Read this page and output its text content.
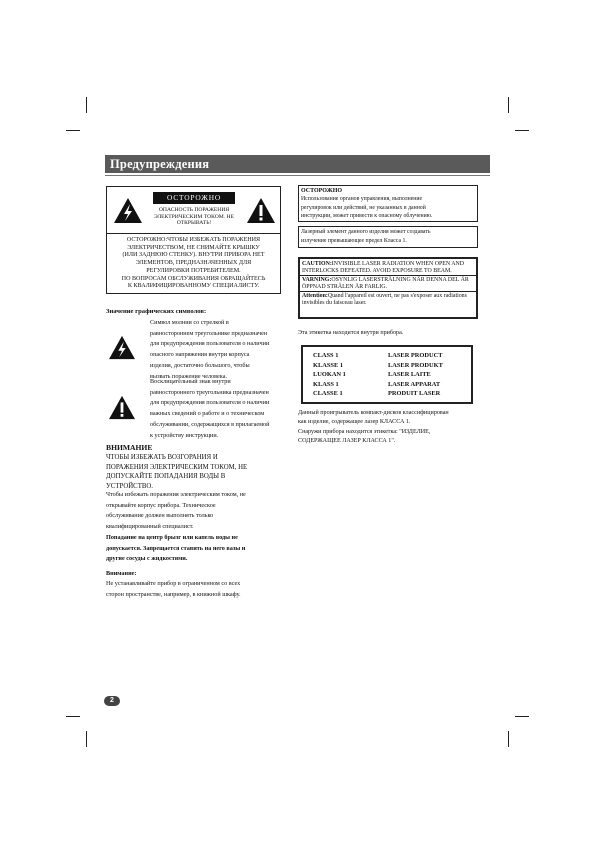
Предупреждения
ОСТОРОЖНО
ОПАСНОСТЬ ПОРАЖЕНИЯ ЭЛЕКТРИЧЕСКИМ ТОКОМ. НЕ ОТКРЫВАТЬ!
ОСТОРОЖНО:ЧТОБЫ ИЗБЕЖАТЬ ПОРАЖЕНИЯ
ЭЛЕКТРИЧЕСТВОМ, НЕ СНИМАЙТЕ КРЫШКУ
(ИЛИ ЗАДНЮЮ СТЕНКУ). ВНУТРИ ПРИБОРА НЕТ
ЭЛЕМЕНТОВ, ПРЕДНАЗНАЧЕННЫХ ДЛЯ
РЕГУЛИРОВКИ ПОТРЕБИТЕЛЕМ.
ПО ВОПРОСАМ ОБСЛУЖИВАНИЯ ОБРАЩАЙТЕСЬ
К КВАЛИФИЦИРОВАННОМУ СПЕЦИАЛИСТУ.
Значение графических символов:
Символ молнии со стрелкой в
равностороннем треугольнике предназначен
для предупреждения пользователя о наличии
опасного напряжения внутри корпуса
изделия, достаточно большого, чтобы
вызвать поражение человека.
Восклицательный знак внутри
равностороннего треугольника предназначен
для предупреждения пользователя о наличии
важных сведений о работе и о техническом
обслуживании, содержащихся в прилагаемой
к устройству инструкции.
ВНИМАНИЕ
ЧТОБЫ ИЗБЕЖАТЬ ВОЗГОРАНИЯ И
ПОРАЖЕНИЯ ЭЛЕКТРИЧЕСКИМ ТОКОМ, НЕ
ДОПУСКАЙТЕ ПОПАДАНИЯ ВОДЫ В
УСТРОЙСТВО.
Чтобы избежать поражения электрическим током, не
открывайте корпус прибора. Техническое
обслуживание должен выполнять только
квалифицированный специалист.
Попадание на центр брызг или капель воды не
допускается. Запрещается ставить на него вазы и
другие сосуды с жидкостями.
Внимание:
Не устанавливайте прибор в ограниченном со всех
сторон пространстве, например, в книжной шкафу.
ОСТОРОЖНО
Использование органов управления, выполнение
регулировок или действий, не указанных в данной
инструкции, может привести к опасному облучению.
Лазерный элемент данного изделия может создавать
излучение превышающее предел Класса 1.
CAUTION:INVISIBLE LASER RADIATION WHEN OPEN AND INTERLOCKS DEFEATED. AVOID EXPOSURE TO BEAM.
VARNING:OSYNLIG LASERSTRÅLNING NÄR DENNA DEL ÄR ÖPPNAD STRÅLEN ÄR FARLIG.
Attention:Quand l'appareil est ouvert, ne pas s'exposer aux radiations invisibles du faisceau laser.
Эта этикетка находится внутри прибора.
CLASS 1	LASER PRODUCT
KLASSE 1	LASER PRODUKT
LUOKAN 1	LASER LAITE
KLASS 1	LASER APPARAT
CLASSE 1	PRODUIT LASER
Данный проигрыватель компакт-дисков классифицирован
как изделие, содержащее лазер КЛАССА 1.
Снаружи прибора находится этикетка: "ИЗДЕЛИЕ,
СОДЕРЖАЩЕЕ ЛАЗЕР КЛАССА 1".
2
